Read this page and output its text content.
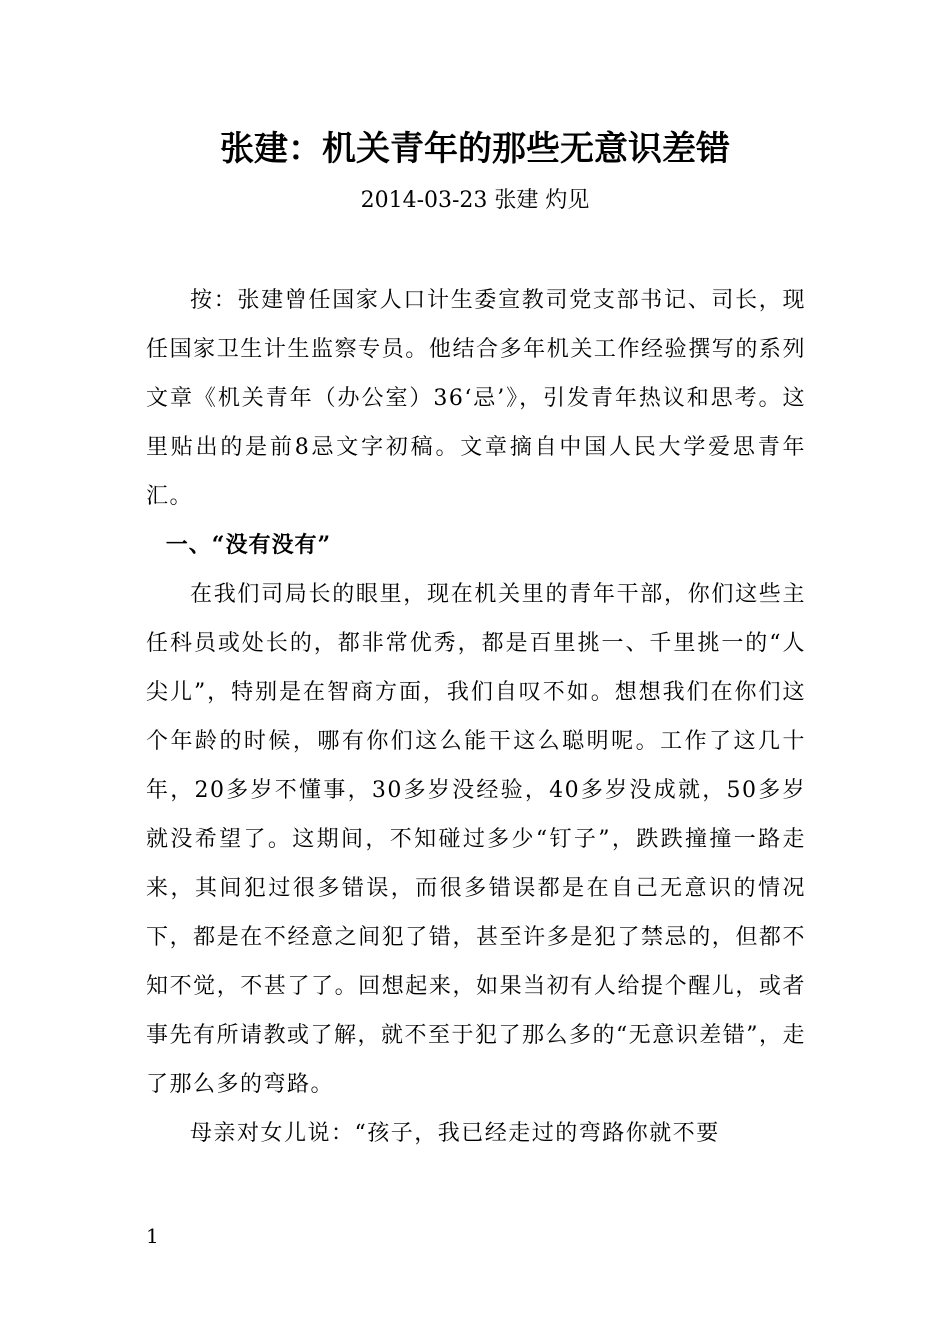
张建：机关青年的那些无意识差错
2014-03-23 张建 灼见

按：张建曾任国家人口计生委宣教司党支部书记、司长，现任国家卫生计生监察专员。他结合多年机关工作经验撰写的系列文章《机关青年（办公室）36‘忌’》，引发青年热议和思考。这里贴出的是前8忌文字初稿。文章摘自中国人民大学爱思青年汇。

一、“没有没有”

在我们司局长的眼里，现在机关里的青年干部，你们这些主任科员或处长的，都非常优秀，都是百里挑一、千里挑一的“人尖儿”，特别是在智商方面，我们自叹不如。想想我们在你们这个年龄的时候，哪有你们这么能干这么聪明呢。工作了这几十年，20多岁不懂事，30多岁没经验，40多岁没成就，50多岁就没希望了。这期间，不知碰过多少“钉子”，跌跌撞撞一路走来，其间犯过很多错误，而很多错误都是在自己无意识的情况下，都是在不经意之间犯了错，甚至许多是犯了禁忌的，但都不知不觉，不甚了了。回想起来，如果当初有人给提个醒儿，或者事先有所请教或了解，就不至于犯了那么多的“无意识差错”，走了那么多的弯路。

母亲对女儿说：“孩子，我已经走过的弯路你就不要

1
